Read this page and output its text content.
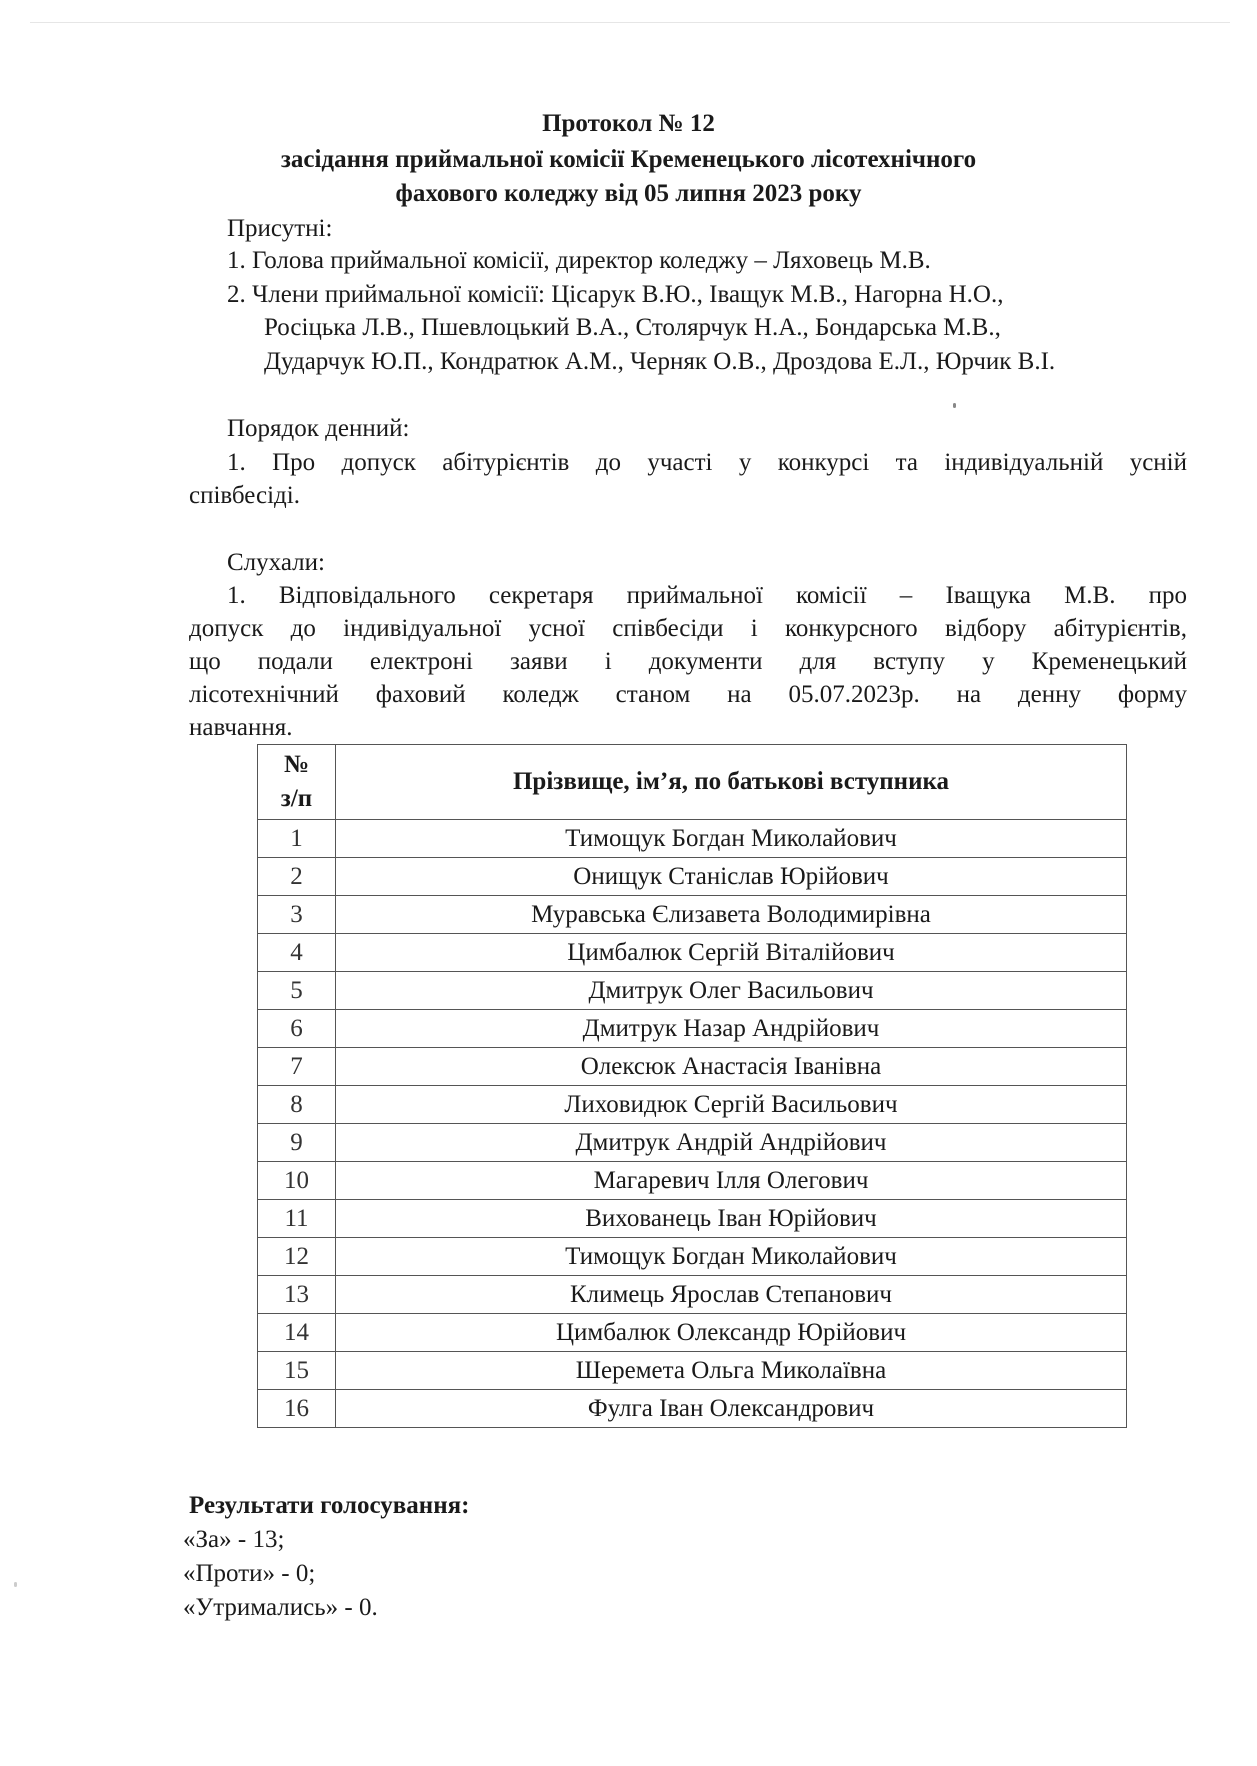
Протокол № 12
засідання приймальної комісії Кременецького лісотехнічного
фахового коледжу від 05 липня 2023 року
Присутні:
1. Голова приймальної комісії, директор коледжу – Ляховець М.В.
2. Члени приймальної комісії: Цісарук В.Ю., Іващук М.В., Нагорна Н.О.,
Росіцька Л.В., Пшевлоцький В.А., Столярчук Н.А., Бондарська М.В.,
Дударчук Ю.П., Кондратюк А.М., Черняк О.В., Дроздова Е.Л., Юрчик В.І.
Порядок денний:
1. Про допуск абітурієнтів до участі у конкурсі та індивідуальній усній
співбесіді.
Слухали:
1. Відповідального секретаря приймальної комісії – Іващука М.В. про
допуск до індивідуальної усної співбесіди і конкурсного відбору абітурієнтів,
що подали електроні заяви і документи для вступу у Кременецький
лісотехнічний фаховий коледж станом на 05.07.2023р. на денну форму
навчання.
№
з/п	Прізвище, ім’я, по батькові вступника
1	Тимощук Богдан Миколайович
2	Онищук Станіслав Юрійович
3	Муравська Єлизавета Володимирівна
4	Цимбалюк Сергій Віталійович
5	Дмитрук Олег Васильович
6	Дмитрук Назар Андрійович
7	Олексюк Анастасія Іванівна
8	Лиховидюк Сергій Васильович
9	Дмитрук Андрій Андрійович
10	Магаревич Ілля Олегович
11	Вихованець Іван Юрійович
12	Тимощук Богдан Миколайович
13	Климець Ярослав Степанович
14	Цимбалюк Олександр Юрійович
15	Шеремета Ольга Миколаївна
16	Фулга Іван Олександрович
Результати голосування:
«За» - 13;
«Проти» - 0;
«Утримались» - 0.
